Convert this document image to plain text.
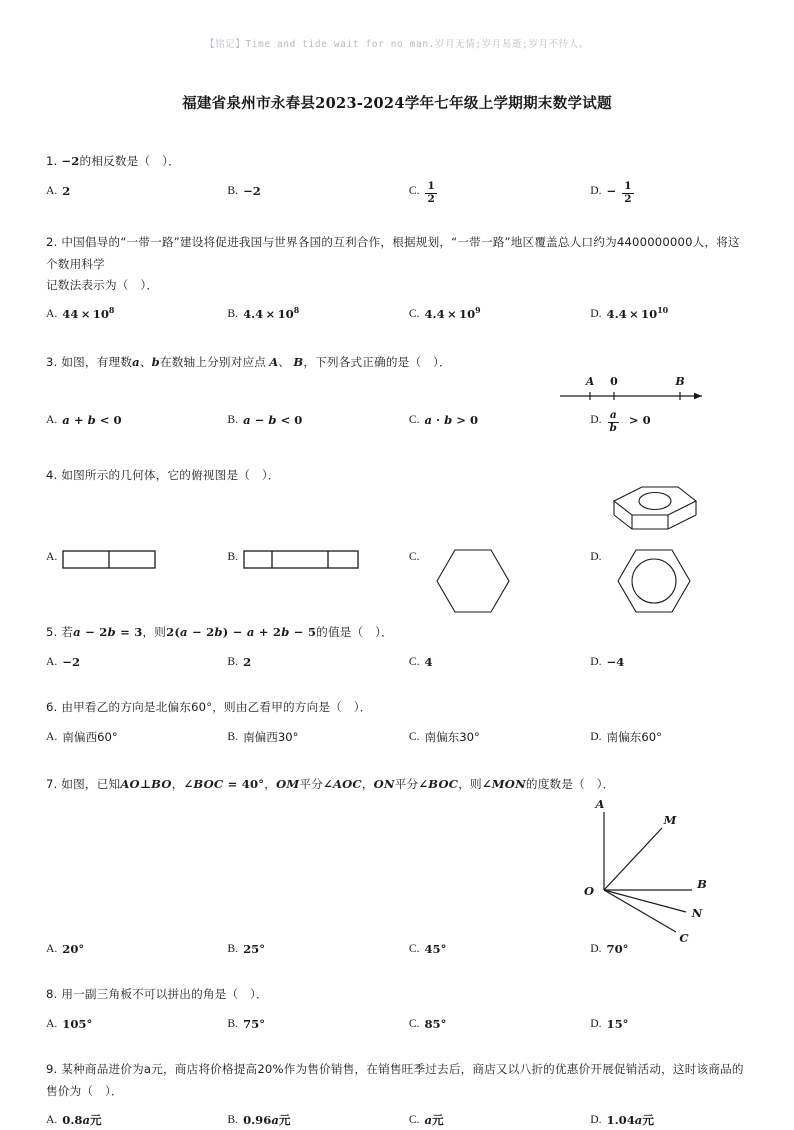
【铭记】Time and tide wait for no man.岁月无情;岁月易逝;岁月不待人。
福建省泉州市永春县2023-2024学年七年级上学期期末数学试题
1. −2的相反数是（　）．
A. 2	B. −2	C. $\frac{1}{2}$	D. − $\frac{1}{2}$
2. 中国倡导的“一带一路”建设将促进我国与世界各国的互利合作，根据规划，“一带一路”地区覆盖总人口约为4400000000人，将这个数用科学
记数法表示为（　）．
A. $44 \times 10^8$	B. $4.4 \times 10^8$	C. $4.4 \times 10^9$	D. $4.4 \times 10^{10}$
3. 如图，有理数a、b在数轴上分别对应点 A、 B，下列各式正确的是（　）．
A 0	B
A. a + b < 0	B. a − b < 0	C. a · b > 0	D. $\frac{a}{b} > 0$
4. 如图所示的几何体，它的俯视图是（　）．
A.	B.	C.	D.
5. 若a − 2b = 3，则2(a − 2b) − a + 2b − 5的值是（　）．
A. −2	B. 2	C. 4	D. −4
6. 由甲看乙的方向是北偏东60°，则由乙看甲的方向是（　）．
A. 南偏西60°	B. 南偏西30°	C. 南偏东30°	D. 南偏东60°
7. 如图，已知AO⊥BO，∠BOC = 40°，OM平分∠AOC，ON平分∠BOC，则∠MON的度数是（　）．
A
M
B
N
C
O
A. 20°	B. 25°	C. 45°	D. 70°
8. 用一副三角板不可以拼出的角是（　）．
A. 105°	B. 75°	C. 85°	D. 15°
9. 某种商品进价为a元，商店将价格提高20%作为售价销售，在销售旺季过去后，商店又以八折的优惠价开展促销活动，这时该商品的售价为（　）．
A. 0.8a元	B. 0.96a元	C. a元	D. 1.04a元
